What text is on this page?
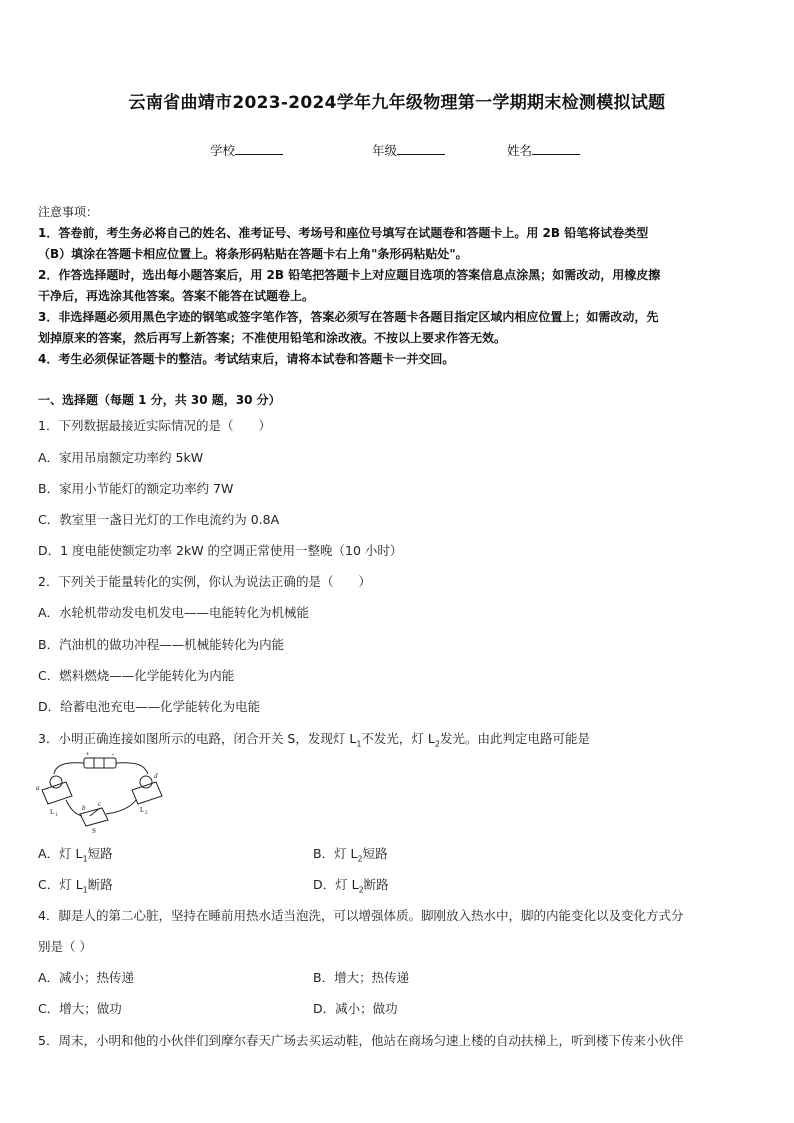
云南省曲靖市2023-2024学年九年级物理第一学期期末检测模拟试题
学校	年级	姓名
注意事项：
1．答卷前，考生务必将自己的姓名、准考证号、考场号和座位号填写在试题卷和答题卡上。用 2B 铅笔将试卷类型
（B）填涂在答题卡相应位置上。将条形码粘贴在答题卡右上角"条形码粘贴处"。
2．作答选择题时，选出每小题答案后，用 2B 铅笔把答题卡上对应题目选项的答案信息点涂黑；如需改动，用橡皮擦
干净后，再选涂其他答案。答案不能答在试题卷上。
3．非选择题必须用黑色字迹的钢笔或签字笔作答，答案必须写在答题卡各题目指定区域内相应位置上；如需改动，先
划掉原来的答案，然后再写上新答案；不准使用铅笔和涂改液。不按以上要求作答无效。
4．考生必须保证答题卡的整洁。考试结束后，请将本试卷和答题卡一并交回。
一、选择题（每题 1 分，共 30 题，30 分）
1．下列数据最接近实际情况的是（　　）
A．家用吊扇额定功率约 5kW
B．家用小节能灯的额定功率约 7W
C．教室里一盏日光灯的工作电流约为 0.8A
D．1 度电能使额定功率 2kW 的空调正常使用一整晚（10 小时）
2．下列关于能量转化的实例，你认为说法正确的是（　　）
A．水轮机带动发电机发电——电能转化为机械能
B．汽油机的做功冲程——机械能转化为内能
C．燃料燃烧——化学能转化为内能
D．给蓄电池充电——化学能转化为电能
3．小明正确连接如图所示的电路，闭合开关 S，发现灯 $L_1$不发光，灯 $L_2$发光。由此判定电路可能是
+	-
a
b c
d
L 1
L 2
S
A．灯 $L_1$短路	B．灯 $L_2$短路
C．灯 $L_1$断路	D．灯 $L_2$断路
4．脚是人的第二心脏，坚持在睡前用热水适当泡洗，可以增强体质。脚刚放入热水中，脚的内能变化以及变化方式分
别是（ ）
A．减小；热传递	B．增大；热传递
C．增大；做功	D．减小；做功
5．周末，小明和他的小伙伴们到摩尔春天广场去买运动鞋，他站在商场匀速上楼的自动扶梯上，听到楼下传来小伙伴
